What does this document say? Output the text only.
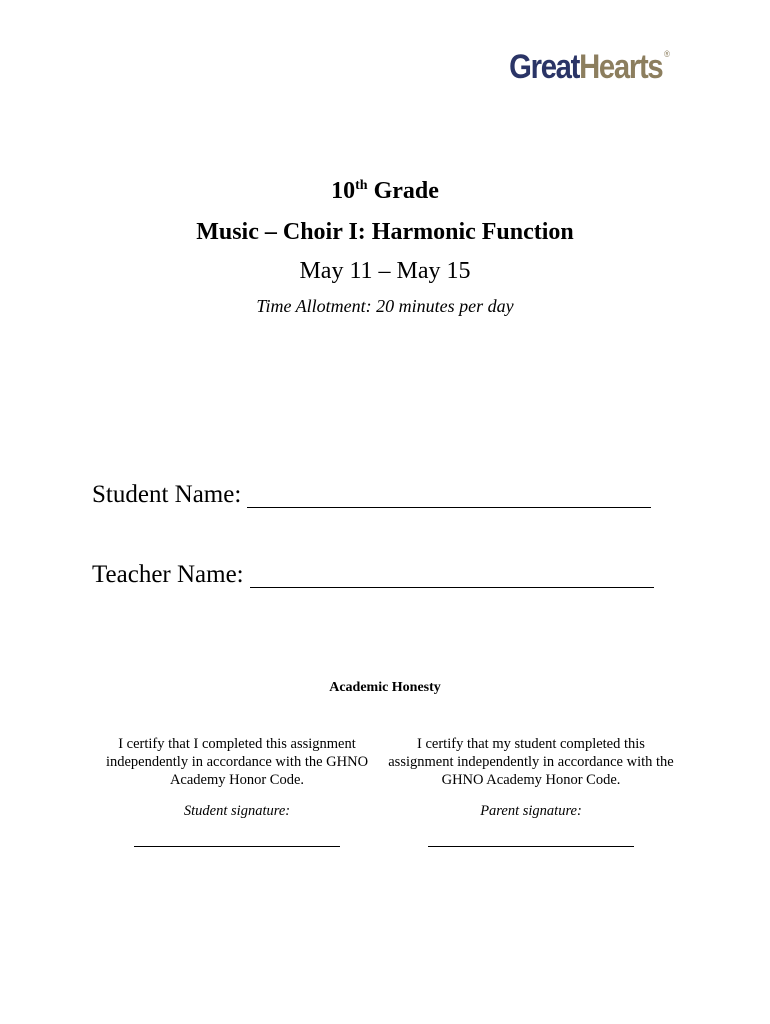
GreatHearts ®
10th Grade
Music – Choir I: Harmonic Function
May 11 – May 15
Time Allotment: 20 minutes per day
Student Name:
Teacher Name:
Academic Honesty
I certify that I completed this assignment independently in accordance with the GHNO Academy Honor Code.
Student signature:
I certify that my student completed this assignment independently in accordance with the GHNO Academy Honor Code.
Parent signature:
